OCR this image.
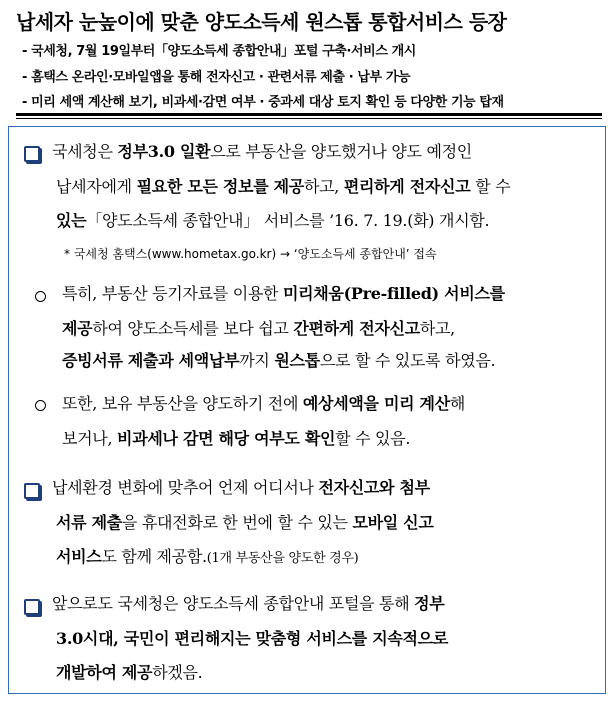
납세자 눈높이에 맞춘 양도소득세 원스톱 통합서비스 등장
- 국세청, 7월 19일부터「양도소득세 종합안내」포털 구축·서비스 개시
- 홈택스 온라인·모바일앱을 통해 전자신고 · 관련서류 제출 · 납부 가능
- 미리 세액 계산해 보기, 비과세·감면 여부 · 중과세 대상 토지 확인 등 다양한 기능 탑재
국세청은 정부3.0 일환으로 부동산을 양도했거나 양도 예정인
납세자에게 필요한 모든 정보를 제공하고, 편리하게 전자신고 할 수
있는「양도소득세 종합안내」 서비스를 ’16. 7. 19.(화) 개시함.
* 국세청 홈택스(www.hometax.go.kr) → ‘양도소득세 종합안내’ 접속
특히, 부동산 등기자료를 이용한 미리채움(Pre-filled) 서비스를
제공하여 양도소득세를 보다 쉽고 간편하게 전자신고하고,
증빙서류 제출과 세액납부까지 원스톱으로 할 수 있도록 하였음.
또한, 보유 부동산을 양도하기 전에 예상세액을 미리 계산해
보거나, 비과세나 감면 해당 여부도 확인할 수 있음.
납세환경 변화에 맞추어 언제 어디서나 전자신고와 첨부
서류 제출을 휴대전화로 한 번에 할 수 있는 모바일 신고
서비스도 함께 제공함.(1개 부동산을 양도한 경우)
앞으로도 국세청은 양도소득세 종합안내 포털을 통해 정부
3.0시대, 국민이 편리해지는 맞춤형 서비스를 지속적으로
개발하여 제공하겠음.
